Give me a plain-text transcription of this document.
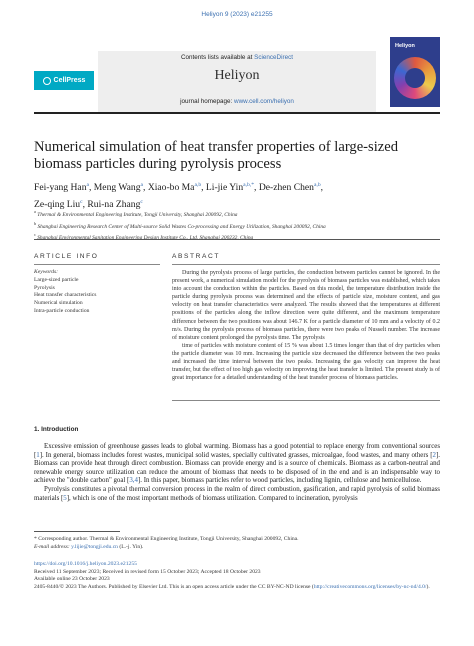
Heliyon 9 (2023) e21255
Contents lists available at ScienceDirect
Heliyon
journal homepage: www.cell.com/heliyon
CellPress
Heliyon
Numerical simulation of heat transfer properties of large-sized
biomass particles during pyrolysis process
Fei-yang Han$^a$, Meng Wang$^a$, Xiao-bo Ma$^{a,b}$, Li-jie Yin$^{a,b,*}$, De-zhen Chen$^{a,b}$,
Ze-qing Liu$^c$, Rui-na Zhang$^c$
$^a$ Thermal & Environmental Engineering Institute, Tongji University, Shanghai 200092, China
$^b$ Shanghai Engineering Research Center of Multi-source Solid Wastes Co-processing and Energy Utilization, Shanghai 200092, China
$^c$ Shanghai Environmental Sanitation Engineering Design Institute Co., Ltd, Shanghai 200232, China
ARTICLE INFO	ABSTRACT
Keywords:
Large-sized particle
Pyrolysis
Heat transfer characteristics
Numerical simulation
Intra-particle conduction

During the pyrolysis process of large particles, the conduction between particles cannot be ignored. In the present work, a numerical simulation model for the pyrolysis of biomass particles was established, which takes into account the conduction within the particles. Based on this model, the temperature distribution inside the particle during pyrolysis process was determined and the effects of particle size, moisture content, and gas velocity on heat transfer characteristics were analyzed. The results showed that the temperatures at different positions of the particles along the inflow direction were quite different, and the maximum temperature difference between the two positions was about 146.7 K for a particle diameter of 10 mm and a velocity of 0.2 m/s. During the pyrolysis process of biomass particles, there were two peaks of Nusselt number. The increase of moisture content prolonged the pyrolysis time. The pyrolysis

time of particles with moisture content of 15 % was about 1.5 times longer than that of dry particles when the particle diameter was 10 mm. Increasing the particle size decreased the difference between the two peaks and increased the time interval between the two peaks. Increasing the gas velocity can improve the heat transfer, but the effect of too high gas velocity on improving the heat transfer is limited. The present study is of great importance for a detailed understanding of the heat transfer process of biomass particles.

1. Introduction

Excessive emission of greenhouse gasses leads to global warming. Biomass has a good potential to replace energy from conventional sources [1]. In general, biomass includes forest wastes, municipal solid wastes, specially cultivated grasses, microalgae, food wastes, and many others [2]. Biomass can provide heat through direct combustion. Biomass can provide energy and is a source of chemicals. Biomass as a carbon-neutral and renewable energy source utilization can reduce the amount of biomass that needs to be disposed of in the end and is an indispensable way to achieve the "double carbon" goal [3,4]. In this paper, biomass particles refer to wood particles, including lignin, cellulose and hemicellulose.

Pyrolysis constitutes a pivotal thermal conversion process in the realm of direct combustion, gasification, and rapid pyrolysis of solid biomass materials [5], which is one of the most important methods of biomass utilization. Compared to incineration, pyrolysis

* Corresponding author. Thermal & Environmental Engineering Institute, Tongji University, Shanghai 200092, China.
E-mail address: y.lijie@tongji.edu.cn (L.-j. Yin).
https://doi.org/10.1016/j.heliyon.2023.e21255
Received 11 September 2023; Received in revised form 15 October 2023; Accepted 18 October 2023
Available online 23 October 2023
2405-8440/© 2023 The Authors. Published by Elsevier Ltd. This is an open access article under the CC BY-NC-ND license (http://creativecommons.org/licenses/by-nc-nd/4.0/).
